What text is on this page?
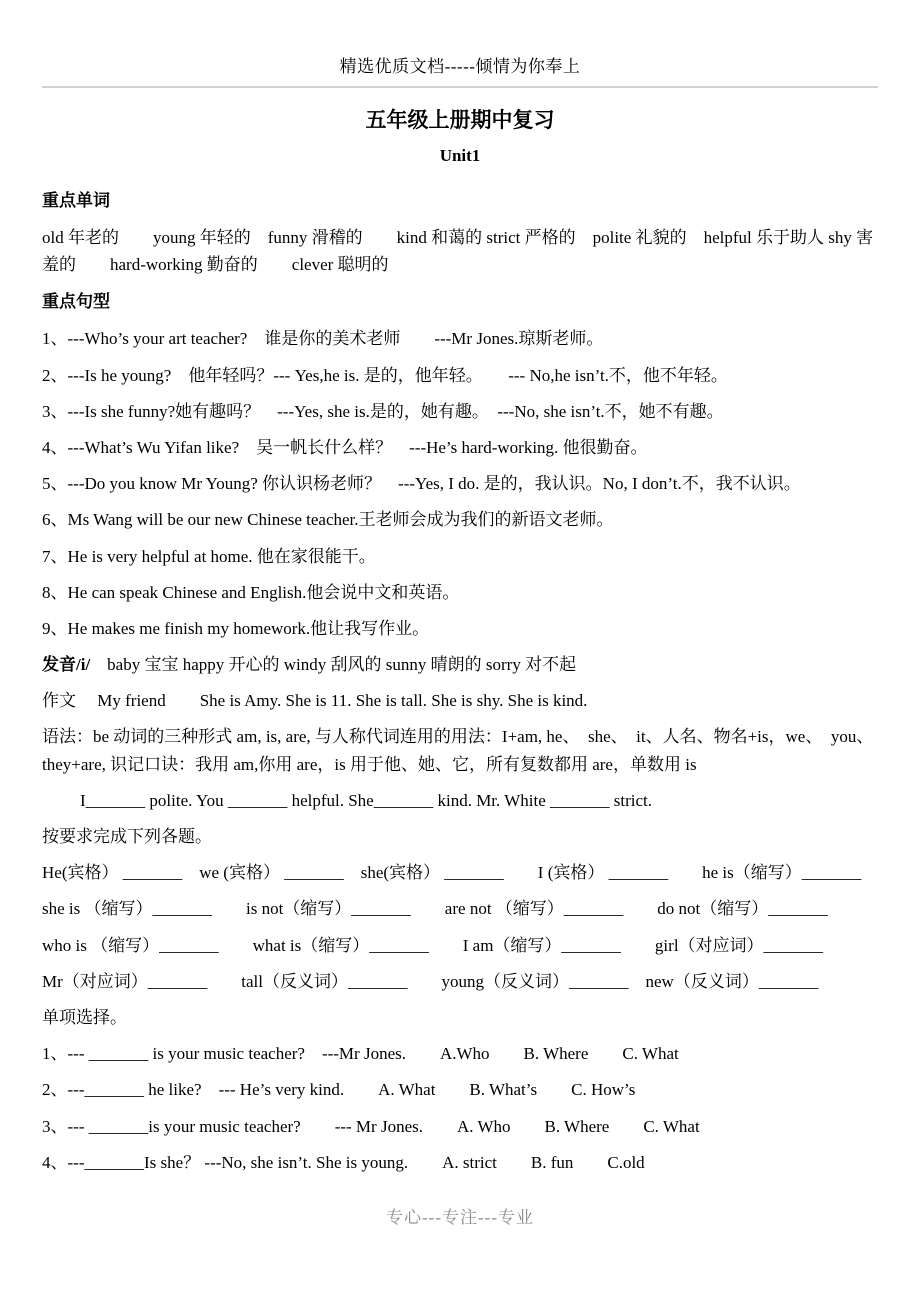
精选优质文档-----倾情为你奉上
五年级上册期中复习
Unit1
重点单词

old 年老的　　young 年轻的　funny 滑稽的　　kind 和蔼的 strict 严格的　polite 礼貌的　helpful 乐于助人 shy 害羞的　　hard-working 勤奋的　　clever 聪明的

重点句型

1、---Who’s your art teacher?　谁是你的美术老师　　---Mr Jones.琼斯老师。

2、---Is he young?　他年轻吗？--- Yes,he is. 是的，他年轻。　　--- No,he isn’t.不，他不年轻。

3、---Is she funny?她有趣吗？　---Yes, she is.是的，她有趣。　---No, she isn’t.不，她不有趣。

4、---What’s Wu Yifan like?　吴一帆长什么样？　---He’s hard-working. 他很勤奋。

5、---Do you know Mr Young? 你认识杨老师？　---Yes, I do. 是的，我认识。No, I don’t.不，我不认识。

6、Ms Wang will be our new Chinese teacher.王老师会成为我们的新语文老师。

7、He is very helpful at home. 他在家很能干。

8、He can speak Chinese and English.他会说中文和英语。

9、He makes me finish my homework.他让我写作业。

发音/i/　baby 宝宝 happy 开心的 windy 刮风的 sunny 晴朗的 sorry 对不起

作文　 My friend　　She is Amy. She is 11. She is tall. She is shy. She is kind.

语法：be 动词的三种形式 am, is, are, 与人称代词连用的用法：I+am, he、　she、　it、人名、物名+is，we、　you、　they+are, 识记口诀：我用 am,你用 are，is 用于他、她、它，所有复数都用 are，单数用 is

I_______ polite. You _______ helpful. She_______ kind. Mr. White _______ strict.

按要求完成下列各题。

He(宾格） _______　we (宾格） _______　she(宾格） _______　　I (宾格） _______　　he is（缩写）_______

she is （缩写）_______　　is not（缩写）_______　　are not （缩写）_______　　do not（缩写）_______

who is （缩写）_______　　what is（缩写）_______　　I am（缩写）_______　　girl（对应词）_______

Mr（对应词）_______　　tall（反义词）_______　　young（反义词）_______　new（反义词）_______

单项选择。

1、--- _______ is your music teacher?　---Mr Jones.　　A.Who　　B. Where　　C. What

2、---_______ he like?　--- He’s very kind.　　A. What　　B. What’s　　C. How’s

3、--- _______is your music teacher?　　--- Mr Jones.　　A. Who　　B. Where　　C. What

4、---_______Is she？ ---No, she isn’t. She is young.　　A. strict　　B. fun　　C.old

专心---专注---专业
